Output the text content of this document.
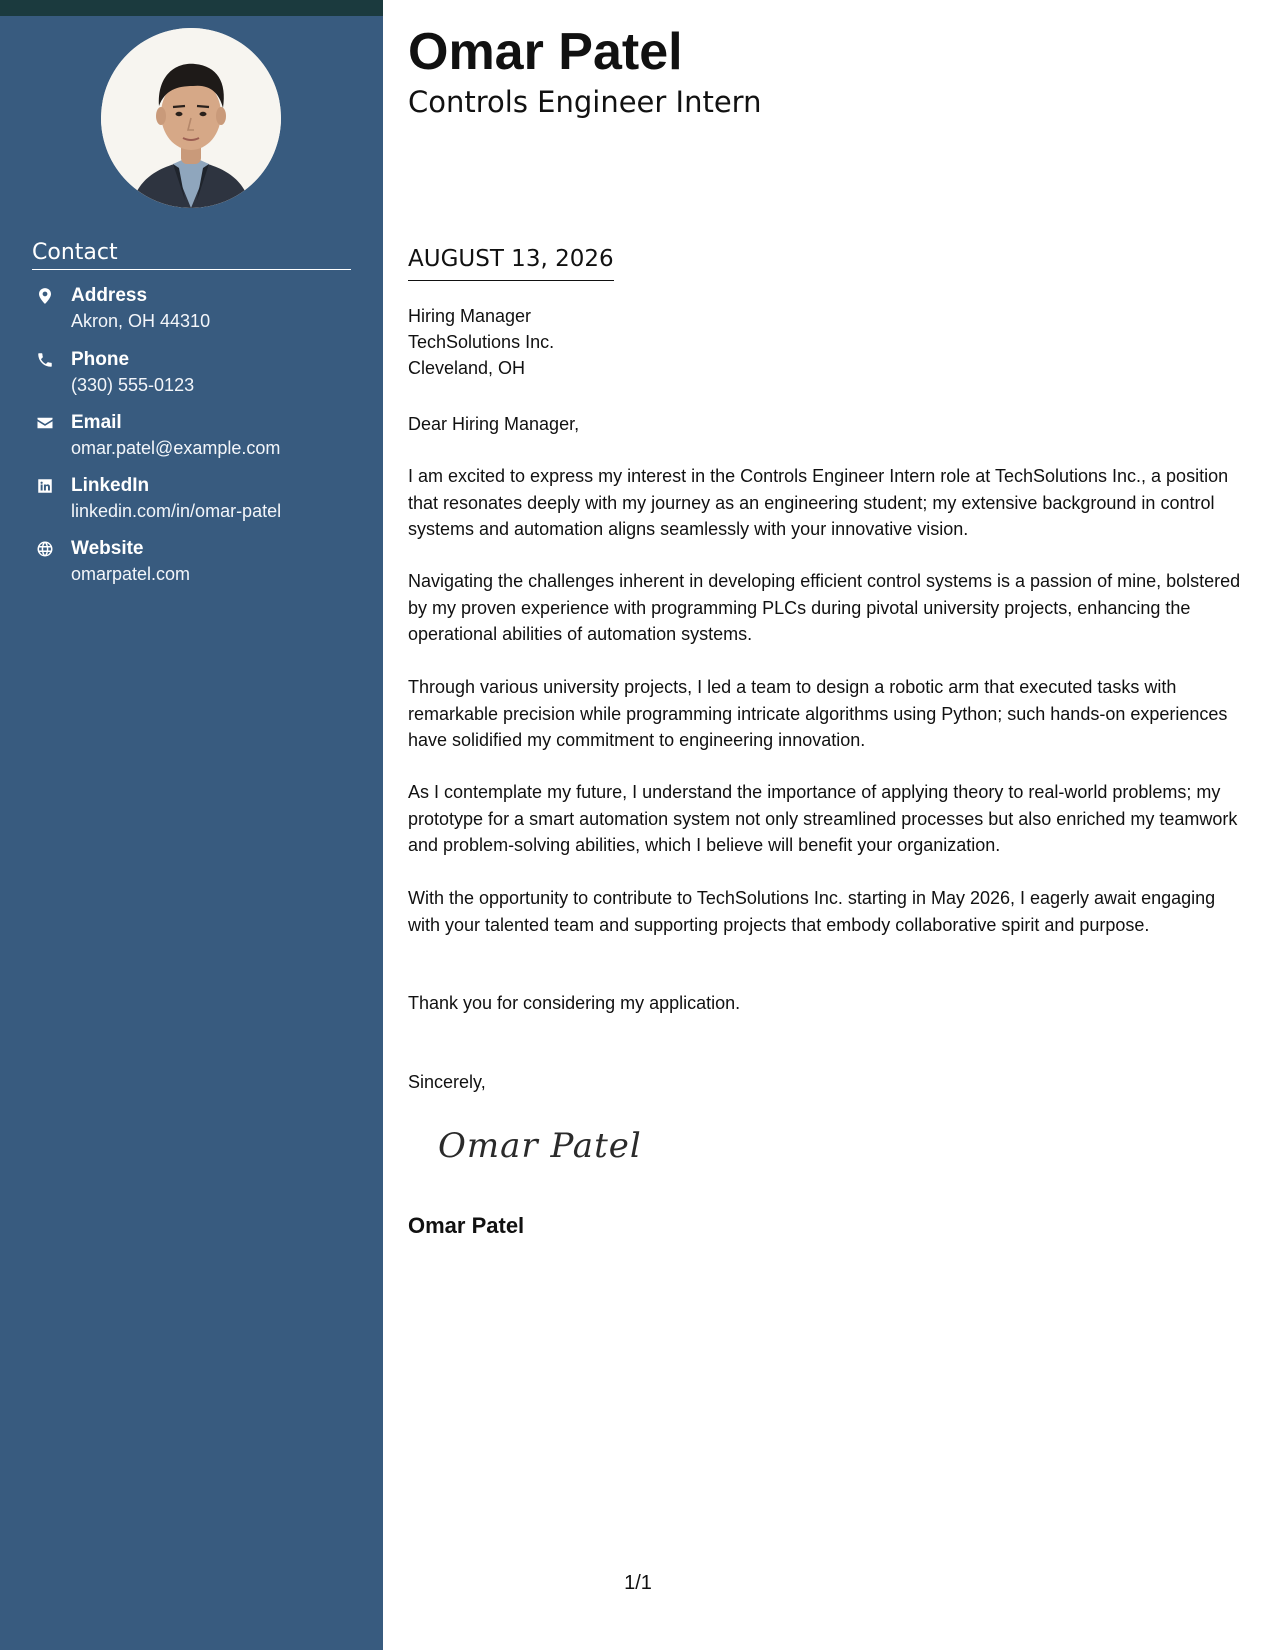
Contact
Address
Akron, OH 44310
Phone
(330) 555-0123
Email
omar.patel@example.com
LinkedIn
linkedin.com/in/omar-patel
Website
omarpatel.com
Omar Patel
Controls Engineer Intern
AUGUST 13, 2026
Hiring Manager
TechSolutions Inc.
Cleveland, OH
Dear Hiring Manager,

I am excited to express my interest in the Controls Engineer Intern role at TechSolutions Inc., a position that resonates deeply with my journey as an engineering student; my extensive background in control systems and automation aligns seamlessly with your innovative vision.

Navigating the challenges inherent in developing efficient control systems is a passion of mine, bolstered by my proven experience with programming PLCs during pivotal university projects, enhancing the operational abilities of automation systems.

Through various university projects, I led a team to design a robotic arm that executed tasks with remarkable precision while programming intricate algorithms using Python; such hands-on experiences have solidified my commitment to engineering innovation.

As I contemplate my future, I understand the importance of applying theory to real-world problems; my prototype for a smart automation system not only streamlined processes but also enriched my teamwork and problem-solving abilities, which I believe will benefit your organization.

With the opportunity to contribute to TechSolutions Inc. starting in May 2026, I eagerly await engaging with your talented team and supporting projects that embody collaborative spirit and purpose.

Thank you for considering my application.

Sincerely,
Omar Patel
Omar Patel
1/1
